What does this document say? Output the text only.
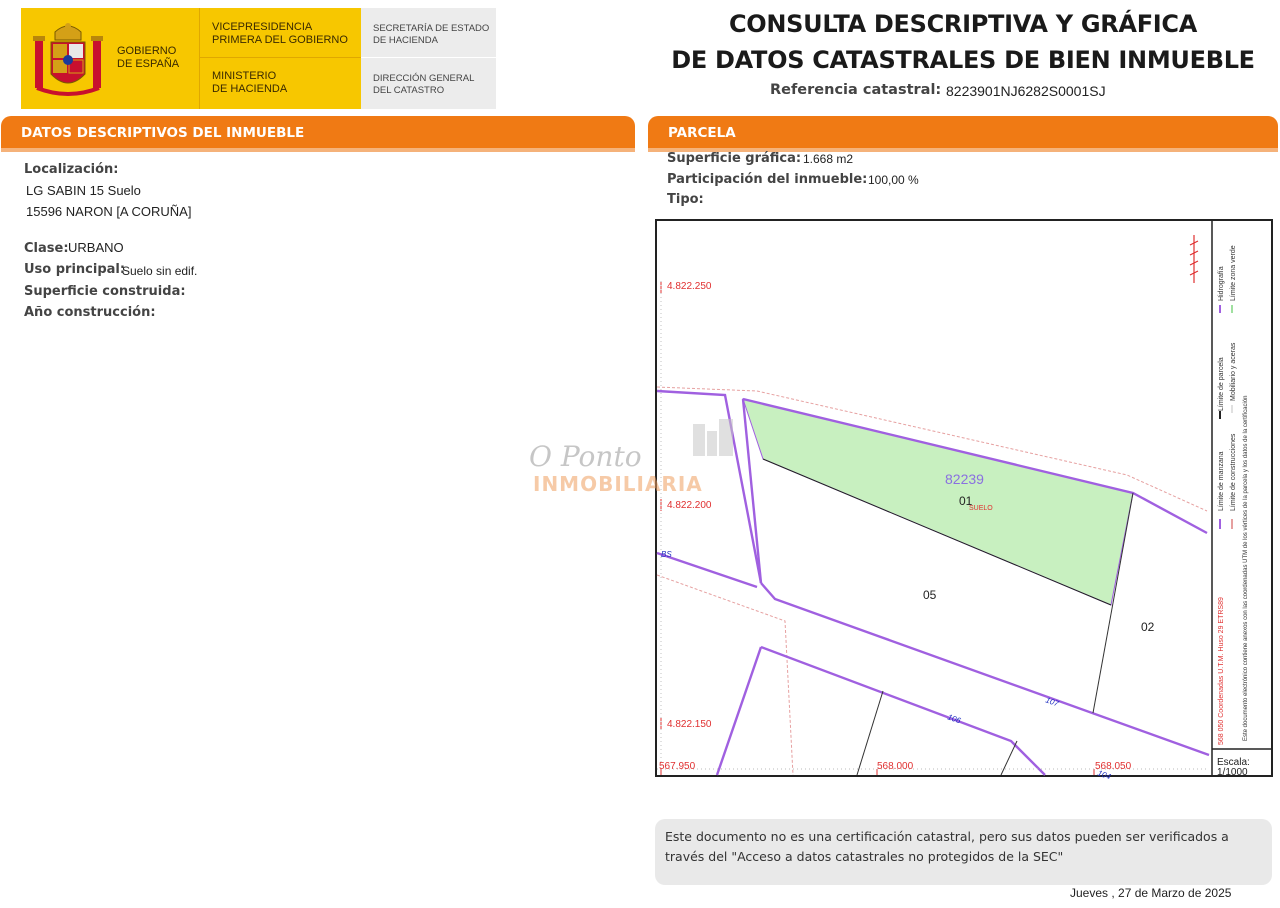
GOBIERNO
DE ESPAÑA
VICEPRESIDENCIA
PRIMERA DEL GOBIERNO
MINISTERIO
DE HACIENDA
SECRETARÍA DE ESTADO
DE HACIENDA
DIRECCIÓN GENERAL
DEL CATASTRO
CONSULTA DESCRIPTIVA Y GRÁFICA
DE DATOS CATASTRALES DE BIEN INMUEBLE
Referencia catastral: 8223901NJ6282S0001SJ
DATOS DESCRIPTIVOS DEL INMUEBLE
Localización:
LG SABIN 15 Suelo
15596 NARON [A CORUÑA]
Clase: URBANO
Uso principal:
Suelo sin edif.
Superficie construida:
Año construcción:
PARCELA
Superficie gráfica: 1.668 m2
Participación del inmueble: 100,00 %
Tipo:
4.822.250
4.822.200
4.822.150
567.950	568.000	568.050
82239
01
SUELO
05
02
BS
107
106
104
O Ponto
INMOBILIARIA
568 050 Coordenadas U.T.M. Huso 29 ETRS89
Límite de manzana
Límite de parcela
Hidrografía
Límite de construcciones
Mobiliario y aceras
Límite zona verde
Este documento electrónico contiene anexos con las coordenadas UTM de los vértices de la parcela y los datos de la certificación
Escala:
1/1000
Este documento no es una certificación catastral, pero sus datos pueden ser verificados a
través del "Acceso a datos catastrales no protegidos de la SEC"
Jueves , 27 de Marzo de 2025
